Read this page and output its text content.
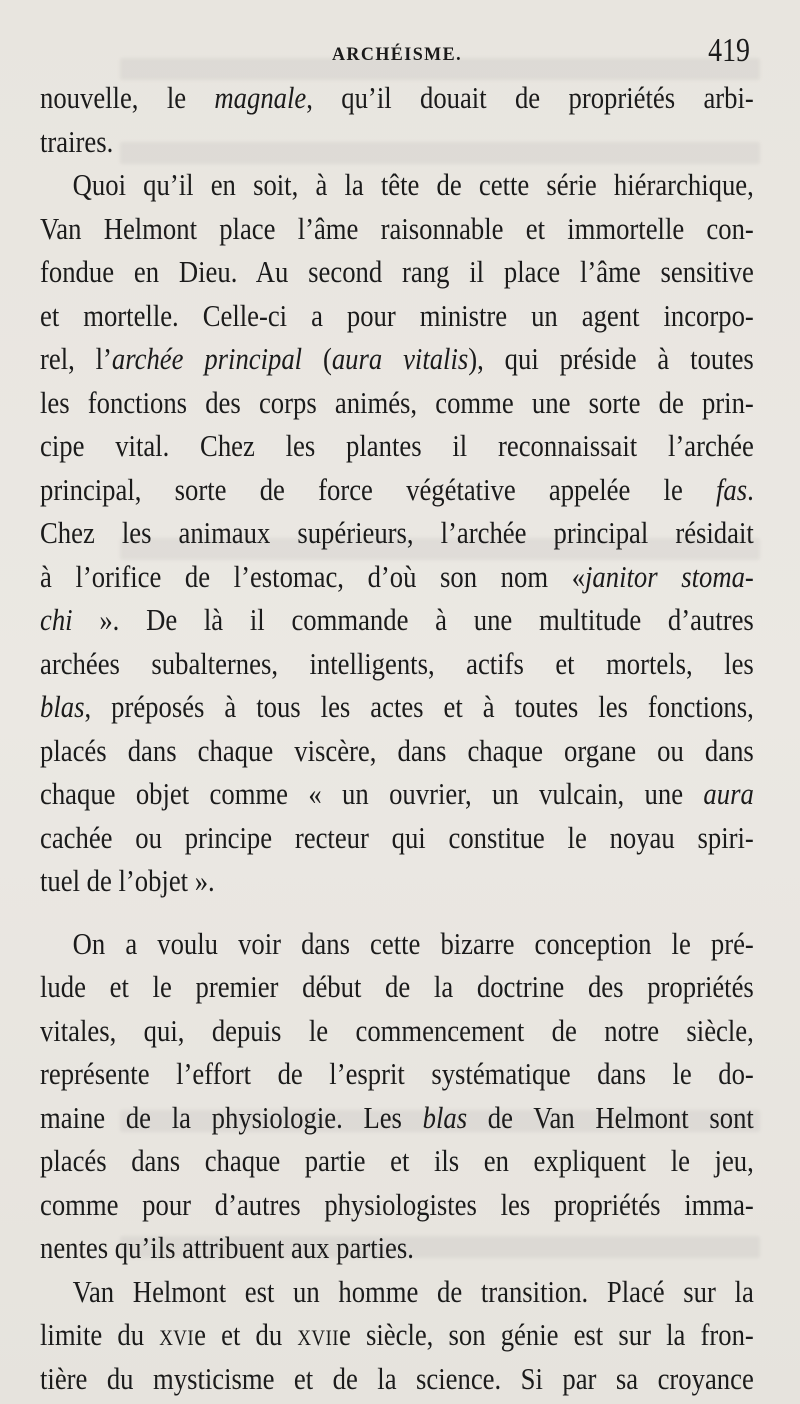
ARCHÉISME.	419
nouvelle, le magnale, qu’il douait de propriétés arbi-
traires.
Quoi qu’il en soit, à la tête de cette série hiérarchique,
Van Helmont place l’âme raisonnable et immortelle con-
fondue en Dieu. Au second rang il place l’âme sensitive
et mortelle. Celle-ci a pour ministre un agent incorpo-
rel, l’archée principal (aura vitalis), qui préside à toutes
les fonctions des corps animés, comme une sorte de prin-
cipe vital. Chez les plantes il reconnaissait l’archée
principal, sorte de force végétative appelée le fas.
Chez les animaux supérieurs, l’archée principal résidait
à l’orifice de l’estomac, d’où son nom «janitor stoma-
chi ». De là il commande à une multitude d’autres
archées subalternes, intelligents, actifs et mortels, les
blas, préposés à tous les actes et à toutes les fonctions,
placés dans chaque viscère, dans chaque organe ou dans
chaque objet comme « un ouvrier, un vulcain, une aura
cachée ou principe recteur qui constitue le noyau spiri-
tuel de l’objet ».
On a voulu voir dans cette bizarre conception le pré-
lude et le premier début de la doctrine des propriétés
vitales, qui, depuis le commencement de notre siècle,
représente l’effort de l’esprit systématique dans le do-
maine de la physiologie. Les blas de Van Helmont sont
placés dans chaque partie et ils en expliquent le jeu,
comme pour d’autres physiologistes les propriétés imma-
nentes qu’ils attribuent aux parties.
Van Helmont est un homme de transition. Placé sur la
limite du XVIe et du XVIIe siècle, son génie est sur la fron-
tière du mysticisme et de la science. Si par sa croyance
